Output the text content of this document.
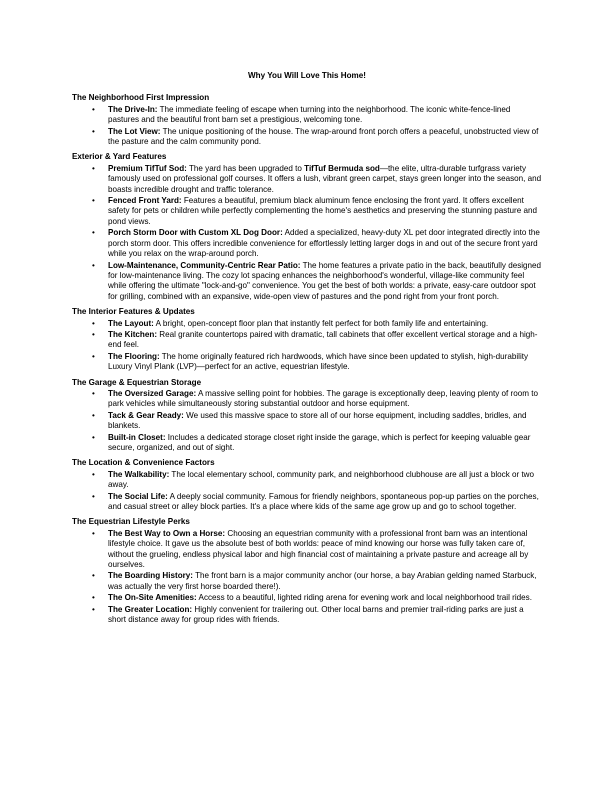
Why You Will Love This Home!
The Neighborhood First Impression
• The Drive-In: The immediate feeling of escape when turning into the neighborhood. The iconic white-fence-lined pastures and the beautiful front barn set a prestigious, welcoming tone.
• The Lot View: The unique positioning of the house. The wrap-around front porch offers a peaceful, unobstructed view of the pasture and the calm community pond.
Exterior & Yard Features
• Premium TifTuf Sod: The yard has been upgraded to TifTuf Bermuda sod—the elite, ultra-durable turfgrass variety famously used on professional golf courses. It offers a lush, vibrant green carpet, stays green longer into the season, and boasts incredible drought and traffic tolerance.
• Fenced Front Yard: Features a beautiful, premium black aluminum fence enclosing the front yard. It offers excellent safety for pets or children while perfectly complementing the home's aesthetics and preserving the stunning pasture and pond views.
• Porch Storm Door with Custom XL Dog Door: Added a specialized, heavy-duty XL pet door integrated directly into the porch storm door. This offers incredible convenience for effortlessly letting larger dogs in and out of the secure front yard while you relax on the wrap-around porch.
• Low-Maintenance, Community-Centric Rear Patio: The home features a private patio in the back, beautifully designed for low-maintenance living. The cozy lot spacing enhances the neighborhood's wonderful, village-like community feel while offering the ultimate "lock-and-go" convenience. You get the best of both worlds: a private, easy-care outdoor spot for grilling, combined with an expansive, wide-open view of pastures and the pond right from your front porch.
The Interior Features & Updates
• The Layout: A bright, open-concept floor plan that instantly felt perfect for both family life and entertaining.
• The Kitchen: Real granite countertops paired with dramatic, tall cabinets that offer excellent vertical storage and a high-end feel.
• The Flooring: The home originally featured rich hardwoods, which have since been updated to stylish, high-durability Luxury Vinyl Plank (LVP)—perfect for an active, equestrian lifestyle.
The Garage & Equestrian Storage
• The Oversized Garage: A massive selling point for hobbies. The garage is exceptionally deep, leaving plenty of room to park vehicles while simultaneously storing substantial outdoor and horse equipment.
• Tack & Gear Ready: We used this massive space to store all of our horse equipment, including saddles, bridles, and blankets.
• Built-in Closet: Includes a dedicated storage closet right inside the garage, which is perfect for keeping valuable gear secure, organized, and out of sight.
The Location & Convenience Factors
• The Walkability: The local elementary school, community park, and neighborhood clubhouse are all just a block or two away.
• The Social Life: A deeply social community. Famous for friendly neighbors, spontaneous pop-up parties on the porches, and casual street or alley block parties. It's a place where kids of the same age grow up and go to school together.
The Equestrian Lifestyle Perks
• The Best Way to Own a Horse: Choosing an equestrian community with a professional front barn was an intentional lifestyle choice. It gave us the absolute best of both worlds: peace of mind knowing our horse was fully taken care of, without the grueling, endless physical labor and high financial cost of maintaining a private pasture and acreage all by ourselves.
• The Boarding History: The front barn is a major community anchor (our horse, a bay Arabian gelding named Starbuck, was actually the very first horse boarded there!).
• The On-Site Amenities: Access to a beautiful, lighted riding arena for evening work and local neighborhood trail rides.
• The Greater Location: Highly convenient for trailering out. Other local barns and premier trail-riding parks are just a short distance away for group rides with friends.
